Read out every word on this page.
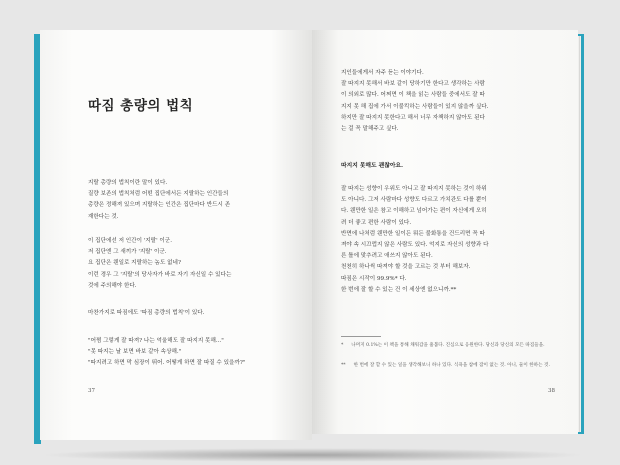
따짐 총량의 법칙
지랄 총량의 법칙이란 말이 있다.
질량 보존의 법칙처럼 어떤 집단에서든 지랄하는 인간들의
총량은 정해져 있으며 지랄하는 인간은 집단마다 반드시 존
재한다는 것.
이 집단에선 저 인간이 '지랄' 이군.
저 집단엔 그 새끼가 '지랄' 이군.
요 집단은 웬일로 지랄하는 놈도 없네?
이런 경우 그 '지랄'의 당사자가 바로 자기 자신일 수 있다는
것에 주의해야 한다.
마찬가지로 따짐에도 '따짐 총량의 법칙'이 있다.
"어쩜 그렇게 잘 따져? 나는 억울해도 잘 따지지 못해..."
"못 따지는 날 보면 바보 같아 속상해."
"따지려고 하면 막 심장이 뛰어. 어떻게 하면 잘 따질 수 있을까?"
37
지인들에게서 자주 듣는 이야기다.
잘 따지지 못해서 바보 같이 당하기만 한다고 생각하는 사람
이 의외로 많다. 어쩌면 이 책을 읽는 사람들 중에서도 잘 따
지지 못 해 집에 가서 이불킥하는 사람들이 있지 않을까 싶다.
하지만 잘 따지지 못한다고 해서 너무 자책하지 않아도 된다
는 걸 꼭 말해주고 싶다.
따지지 못해도 괜찮아요.
잘 따지는 성향이 우위도 아니고 잘 따지지 못하는 것이 하위
도 아니다. 그저 사람마다 성향도 다르고 가치관도 다를 뿐이
다. 웬만한 일은 참고 이해하고 넘어가는 편이 자신에게 오히
려 더 좋고 편한 사람이 있다.
반면에 나처럼 웬만한 일이든 뭐든 불화통을 건드리면 꼭 따
져야 속 시끄럽지 않은 사람도 있다. 억지로 자신의 성향과 다
른 틀에 맞추려고 애쓰지 않아도 된다.
천천히 하나씩 따져야 할 것을 고르는 것 부터 해보자.
따짐은 시작이 99.9%* 다.
한 번에 잘 할 수 있는 건 이 세상엔 없으니까.**
* 나머지 0.1%는 이 책을 통해 채워갑을 흉봅다. 진심으로 응원한다. 당신과 당신의 모든 따짐들을.
** 한 번에 잘 할 수 있는 일을 생각해보니 하나 있다. 식욕을 참에 잠이 없는 것. 아니, 둘이 한하는 것.
38
